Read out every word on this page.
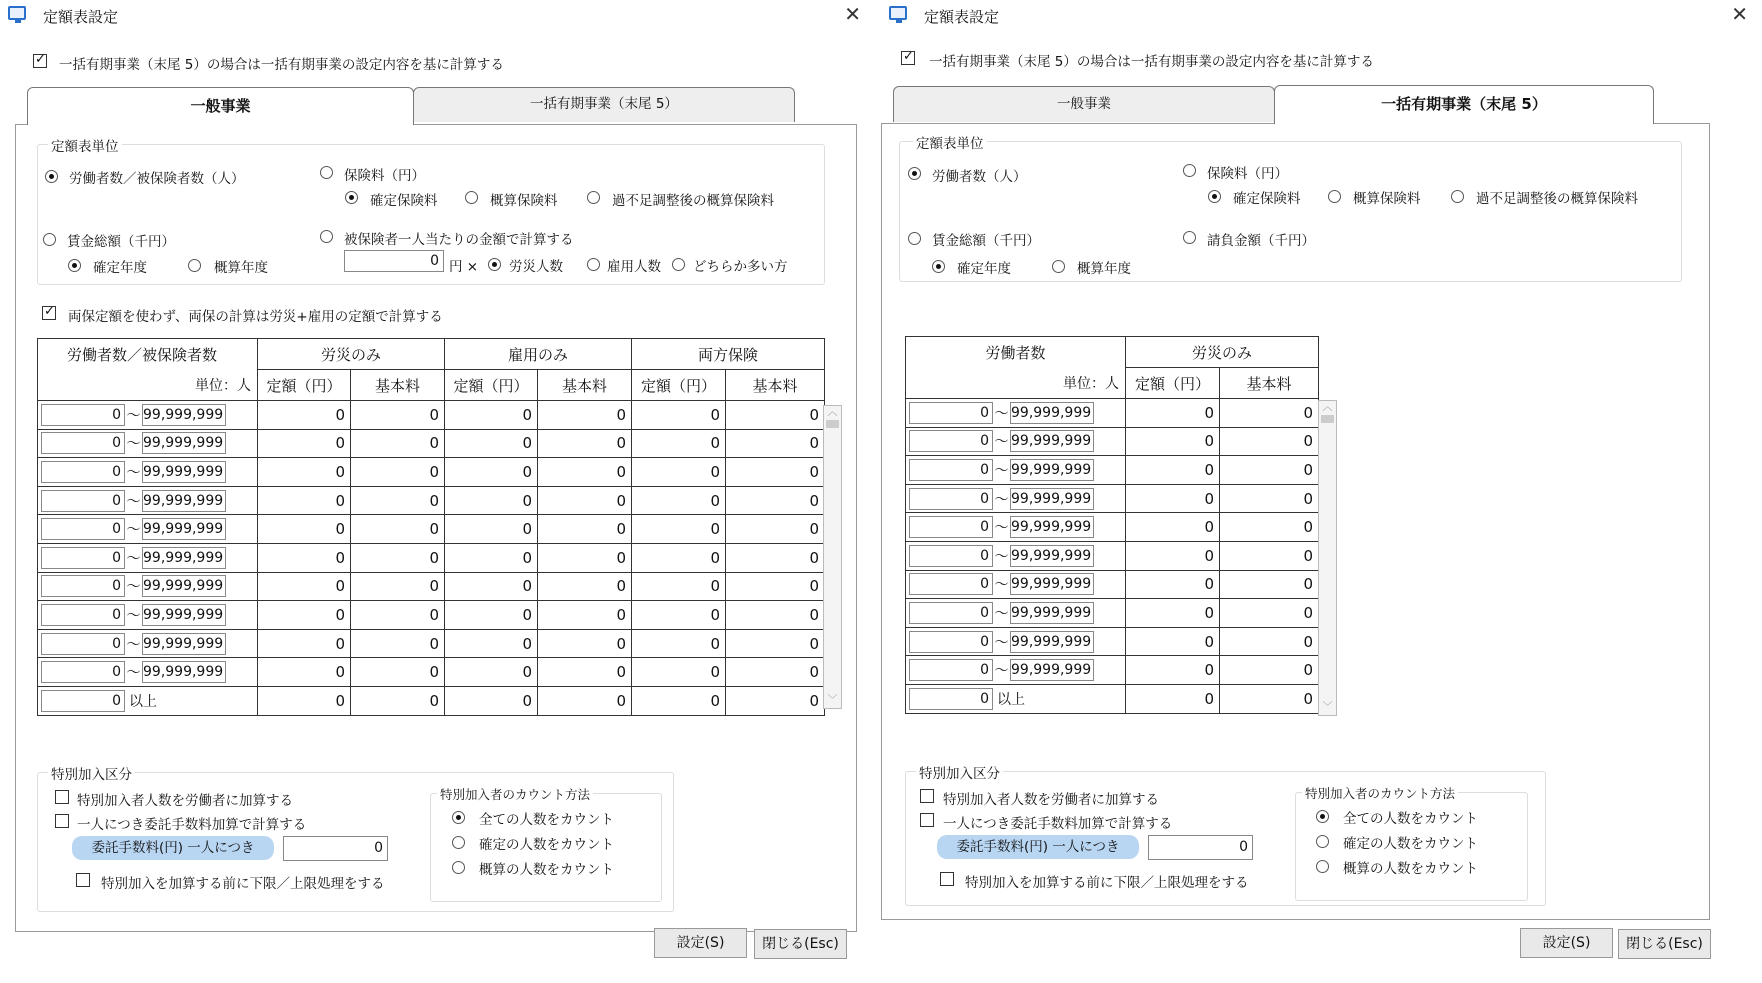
定額表設定	✕
✓
一括有期事業（末尾 5）の場合は一括有期事業の設定内容を基に計算する
一般事業	一括有期事業（末尾 5）
定額表単位
労働者数／被保険者数（人）	保険料（円）
確定保険料	概算保険料	過不足調整後の概算保険料
賃金総額（千円）	被保険者一人当たりの金額で計算する
確定年度	概算年度	0 円 × 労災人数	雇用人数 どちらか多い方
✓
両保定額を使わず、両保の計算は労災+雇用の定額で計算する
労働者数／被保険者数	労災のみ		雇用のみ		両方保険	
単位：人	定額（円）	基本料	定額（円）	基本料	定額（円）	基本料
0 ～ 99,999,999	0	0	0	0	0	0
0 ～ 99,999,999	0	0	0	0	0	0
0 ～ 99,999,999	0	0	0	0	0	0
0 ～ 99,999,999	0	0	0	0	0	0
0 ～ 99,999,999	0	0	0	0	0	0
0 ～ 99,999,999	0	0	0	0	0	0
0 ～ 99,999,999	0	0	0	0	0	0
0 ～ 99,999,999	0	0	0	0	0	0
0 ～ 99,999,999	0	0	0	0	0	0
0 ～ 99,999,999	0	0	0	0	0	0
0 以上	0	0	0	0	0	0
︿
﹀
特別加入区分
特別加入者人数を労働者に加算する
一人につき委託手数料加算で計算する
委託手数料(円) 一人につき	0
特別加入を加算する前に下限／上限処理をする
特別加入者のカウント方法
全ての人数をカウント
確定の人数をカウント
概算の人数をカウント
設定(S)	閉じる(Esc)
定額表設定	✕
✓
一括有期事業（末尾 5）の場合は一括有期事業の設定内容を基に計算する
一般事業	一括有期事業（末尾 5）
定額表単位
労働者数（人）	保険料（円）
確定保険料	概算保険料	過不足調整後の概算保険料
賃金総額（千円）	請負金額（千円）
確定年度	概算年度
労働者数	労災のみ	
単位：人	定額（円）	基本料
0 ～ 99,999,999	0	0
0 ～ 99,999,999	0	0
0 ～ 99,999,999	0	0
0 ～ 99,999,999	0	0
0 ～ 99,999,999	0	0
0 ～ 99,999,999	0	0
0 ～ 99,999,999	0	0
0 ～ 99,999,999	0	0
0 ～ 99,999,999	0	0
0 ～ 99,999,999	0	0
0 以上	0	0
︿
﹀
特別加入区分
特別加入者人数を労働者に加算する
一人につき委託手数料加算で計算する
委託手数料(円) 一人につき	0
特別加入を加算する前に下限／上限処理をする
特別加入者のカウント方法
全ての人数をカウント
確定の人数をカウント
概算の人数をカウント
設定(S)	閉じる(Esc)
